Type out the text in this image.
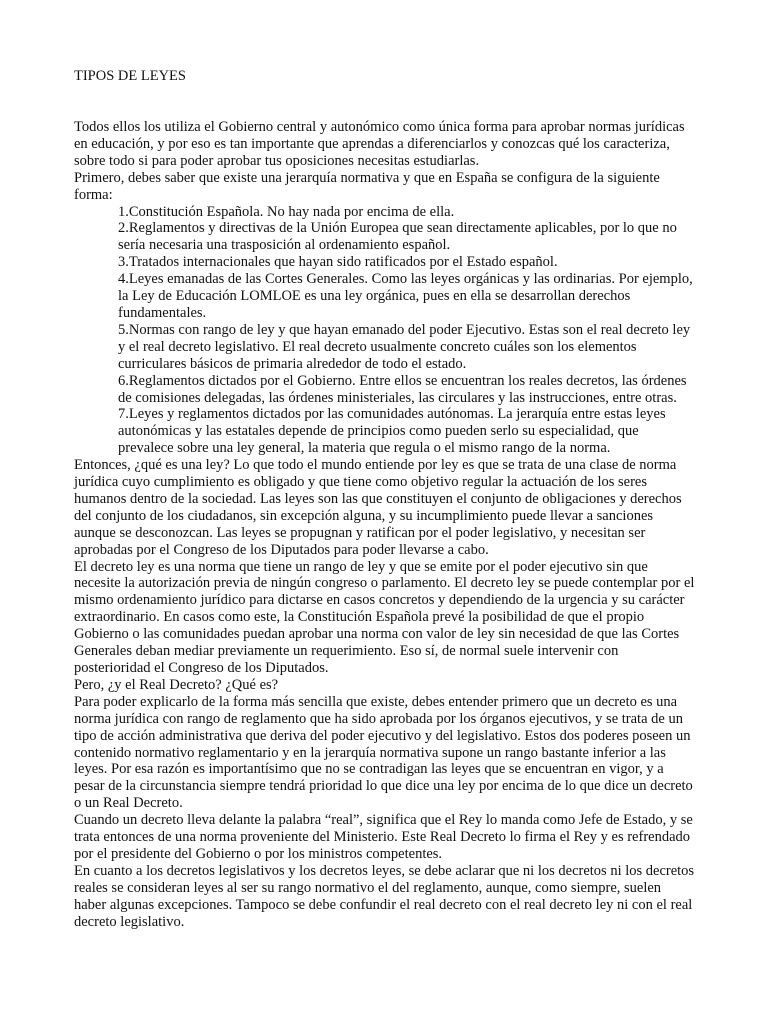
TIPOS DE LEYES

Todos ellos los utiliza el Gobierno central y autonómico como única forma para aprobar normas jurídicas en educación, y por eso es tan importante que aprendas a diferenciarlos y conozcas qué los caracteriza, sobre todo si para poder aprobar tus oposiciones necesitas estudiarlas.

Primero, debes saber que existe una jerarquía normativa y que en España se configura de la siguiente forma:

1.Constitución Española. No hay nada por encima de ella.

2.Reglamentos y directivas de la Unión Europea que sean directamente aplicables, por lo que no sería necesaria una trasposición al ordenamiento español.

3.Tratados internacionales que hayan sido ratificados por el Estado español.

4.Leyes emanadas de las Cortes Generales. Como las leyes orgánicas y las ordinarias. Por ejemplo, la Ley de Educación LOMLOE es una ley orgánica, pues en ella se desarrollan derechos fundamentales.

5.Normas con rango de ley y que hayan emanado del poder Ejecutivo. Estas son el real decreto ley y el real decreto legislativo. El real decreto usualmente concreto cuáles son los elementos curriculares básicos de primaria alrededor de todo el estado.

6.Reglamentos dictados por el Gobierno. Entre ellos se encuentran los reales decretos, las órdenes de comisiones delegadas, las órdenes ministeriales, las circulares y las instrucciones, entre otras.

7.Leyes y reglamentos dictados por las comunidades autónomas. La jerarquía entre estas leyes autonómicas y las estatales depende de principios como pueden serlo su especialidad, que prevalece sobre una ley general, la materia que regula o el mismo rango de la norma.

Entonces, ¿qué es una ley? Lo que todo el mundo entiende por ley es que se trata de una clase de norma jurídica cuyo cumplimiento es obligado y que tiene como objetivo regular la actuación de los seres humanos dentro de la sociedad. Las leyes son las que constituyen el conjunto de obligaciones y derechos del conjunto de los ciudadanos, sin excepción alguna, y su incumplimiento puede llevar a sanciones aunque se desconozcan. Las leyes se propugnan y ratifican por el poder legislativo, y necesitan ser aprobadas por el Congreso de los Diputados para poder llevarse a cabo.

El decreto ley es una norma que tiene un rango de ley y que se emite por el poder ejecutivo sin que necesite la autorización previa de ningún congreso o parlamento. El decreto ley se puede contemplar por el mismo ordenamiento jurídico para dictarse en casos concretos y dependiendo de la urgencia y su carácter extraordinario. En casos como este, la Constitución Española prevé la posibilidad de que el propio Gobierno o las comunidades puedan aprobar una norma con valor de ley sin necesidad de que las Cortes Generales deban mediar previamente un requerimiento. Eso sí, de normal suele intervenir con posterioridad el Congreso de los Diputados.

Pero, ¿y el Real Decreto? ¿Qué es?

Para poder explicarlo de la forma más sencilla que existe, debes entender primero que un decreto es una norma jurídica con rango de reglamento que ha sido aprobada por los órganos ejecutivos, y se trata de un tipo de acción administrativa que deriva del poder ejecutivo y del legislativo. Estos dos poderes poseen un contenido normativo reglamentario y en la jerarquía normativa supone un rango bastante inferior a las leyes. Por esa razón es importantísimo que no se contradigan las leyes que se encuentran en vigor, y a pesar de la circunstancia siempre tendrá prioridad lo que dice una ley por encima de lo que dice un decreto o un Real Decreto.

Cuando un decreto lleva delante la palabra “real”, significa que el Rey lo manda como Jefe de Estado, y se trata entonces de una norma proveniente del Ministerio. Este Real Decreto lo firma el Rey y es refrendado por el presidente del Gobierno o por los ministros competentes.

En cuanto a los decretos legislativos y los decretos leyes, se debe aclarar que ni los decretos ni los decretos reales se consideran leyes al ser su rango normativo el del reglamento, aunque, como siempre, suelen haber algunas excepciones. Tampoco se debe confundir el real decreto con el real decreto ley ni con el real decreto legislativo.
